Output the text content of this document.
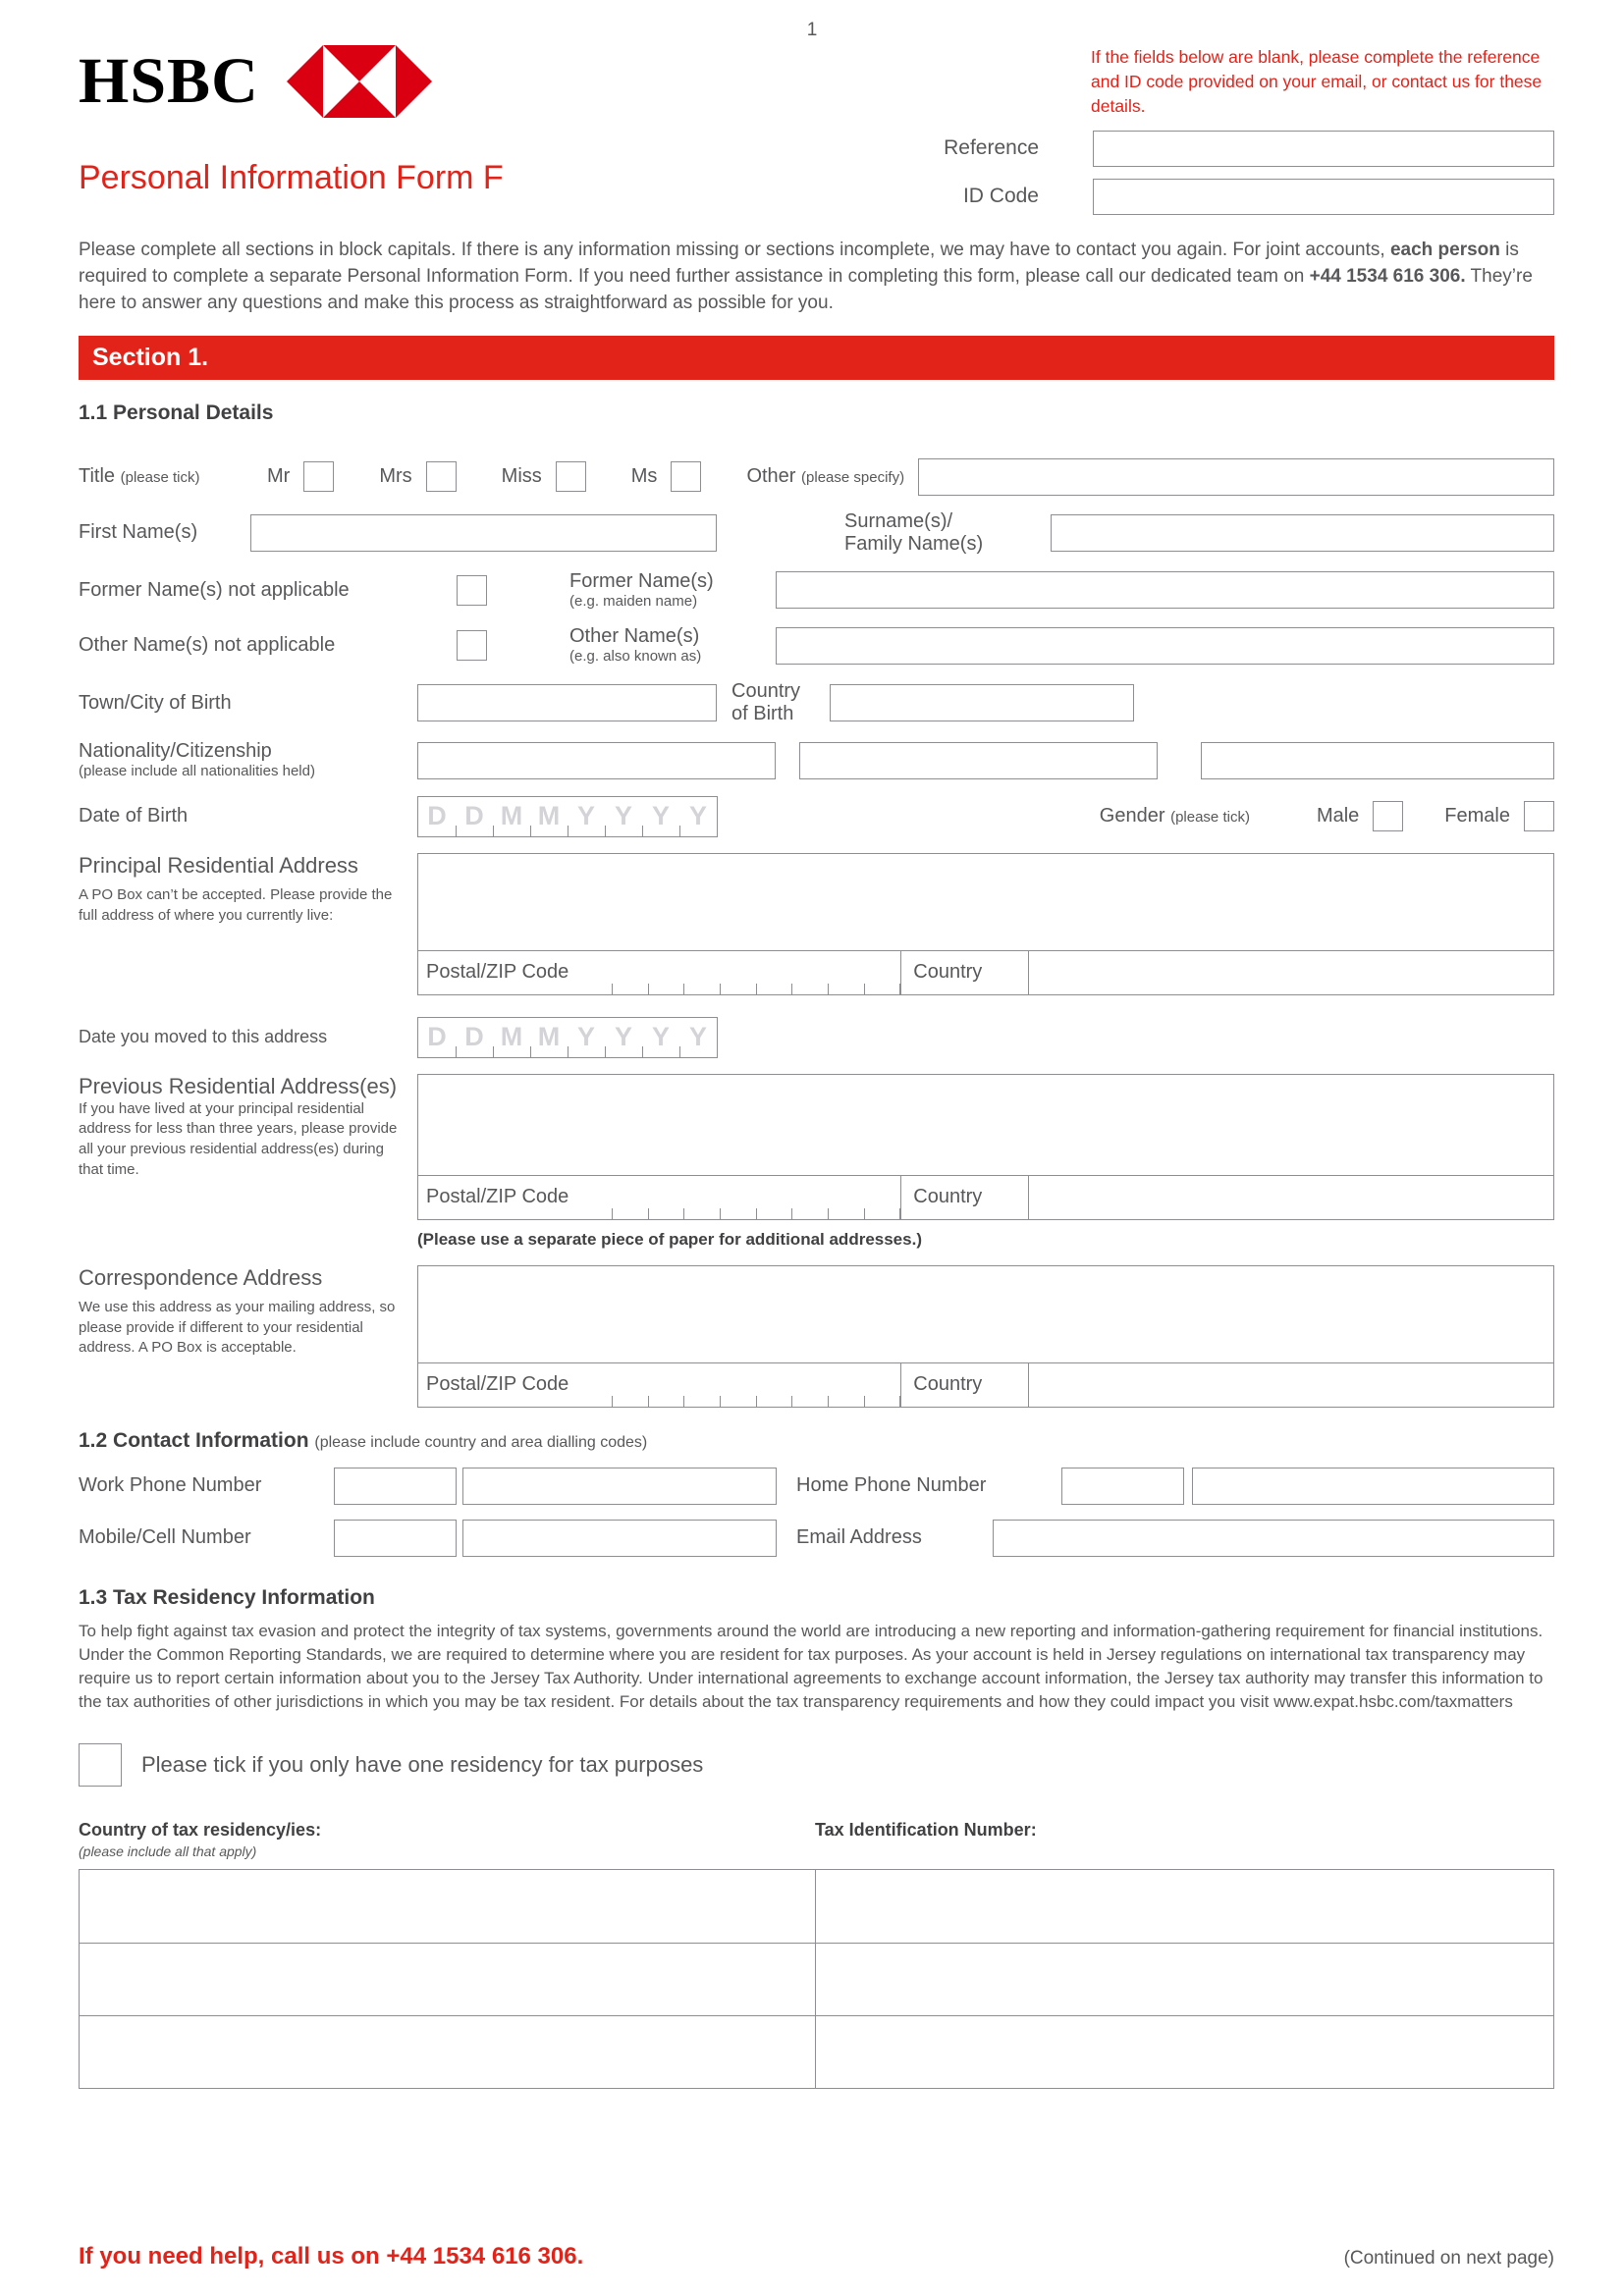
1
HSBC
Personal Information Form F
If the fields below are blank, please complete the reference and ID code provided on your email, or contact us for these details.
Reference
ID Code

Please complete all sections in block capitals. If there is any information missing or sections incomplete, we may have to contact you again. For joint accounts, each person is required to complete a separate Personal Information Form. If you need further assistance in completing this form, please call our dedicated team on +44 1534 616 306. They’re here to answer any questions and make this process as straightforward as possible for you.

Section 1.
1.1 Personal Details
Title (please tick)	Mr	Mrs	Miss	Ms	Other (please specify)
First Name(s)
Surname(s)/
Family Name(s)
Former Name(s) not applicable	Former Name(s)
(e.g. maiden name)
Other Name(s) not applicable	Other Name(s)
(e.g. also known as)
Town/City of Birth
Country
of Birth
Nationality/Citizenship
(please include all nationalities held)
Date of Birth	D D M M Y Y Y Y	Gender (please tick)	Male	Female
Principal Residential Address
A PO Box can’t be accepted. Please provide the full address of where you currently live:
Postal/ZIP Code	Country
Date you moved to this address	D D M M Y Y Y Y
Previous Residential Address(es) If you have lived at your principal residential address for less than three years, please provide all your previous residential address(es) during that time.
Postal/ZIP Code	Country
(Please use a separate piece of paper for additional addresses.)
Correspondence Address
We use this address as your mailing address, so please provide if different to your residential address. A PO Box is acceptable.
Postal/ZIP Code	Country
1.2 Contact Information (please include country and area dialling codes)
Work Phone Number	Home Phone Number
Mobile/Cell Number	Email Address
1.3 Tax Residency Information

To help fight against tax evasion and protect the integrity of tax systems, governments around the world are introducing a new reporting and information-gathering requirement for financial institutions. Under the Common Reporting Standards, we are required to determine where you are resident for tax purposes. As your account is held in Jersey regulations on international tax transparency may require us to report certain information about you to the Jersey Tax Authority. Under international agreements to exchange account information, the Jersey tax authority may transfer this information to the tax authorities of other jurisdictions in which you may be tax resident. For details about the tax transparency requirements and how they could impact you visit www.expat.hsbc.com/taxmatters

Please tick if you only have one residency for tax purposes
Country of tax residency/ies:
(please include all that apply)
Tax Identification Number:
If you need help, call us on +44 1534 616 306.	(Continued on next page)
